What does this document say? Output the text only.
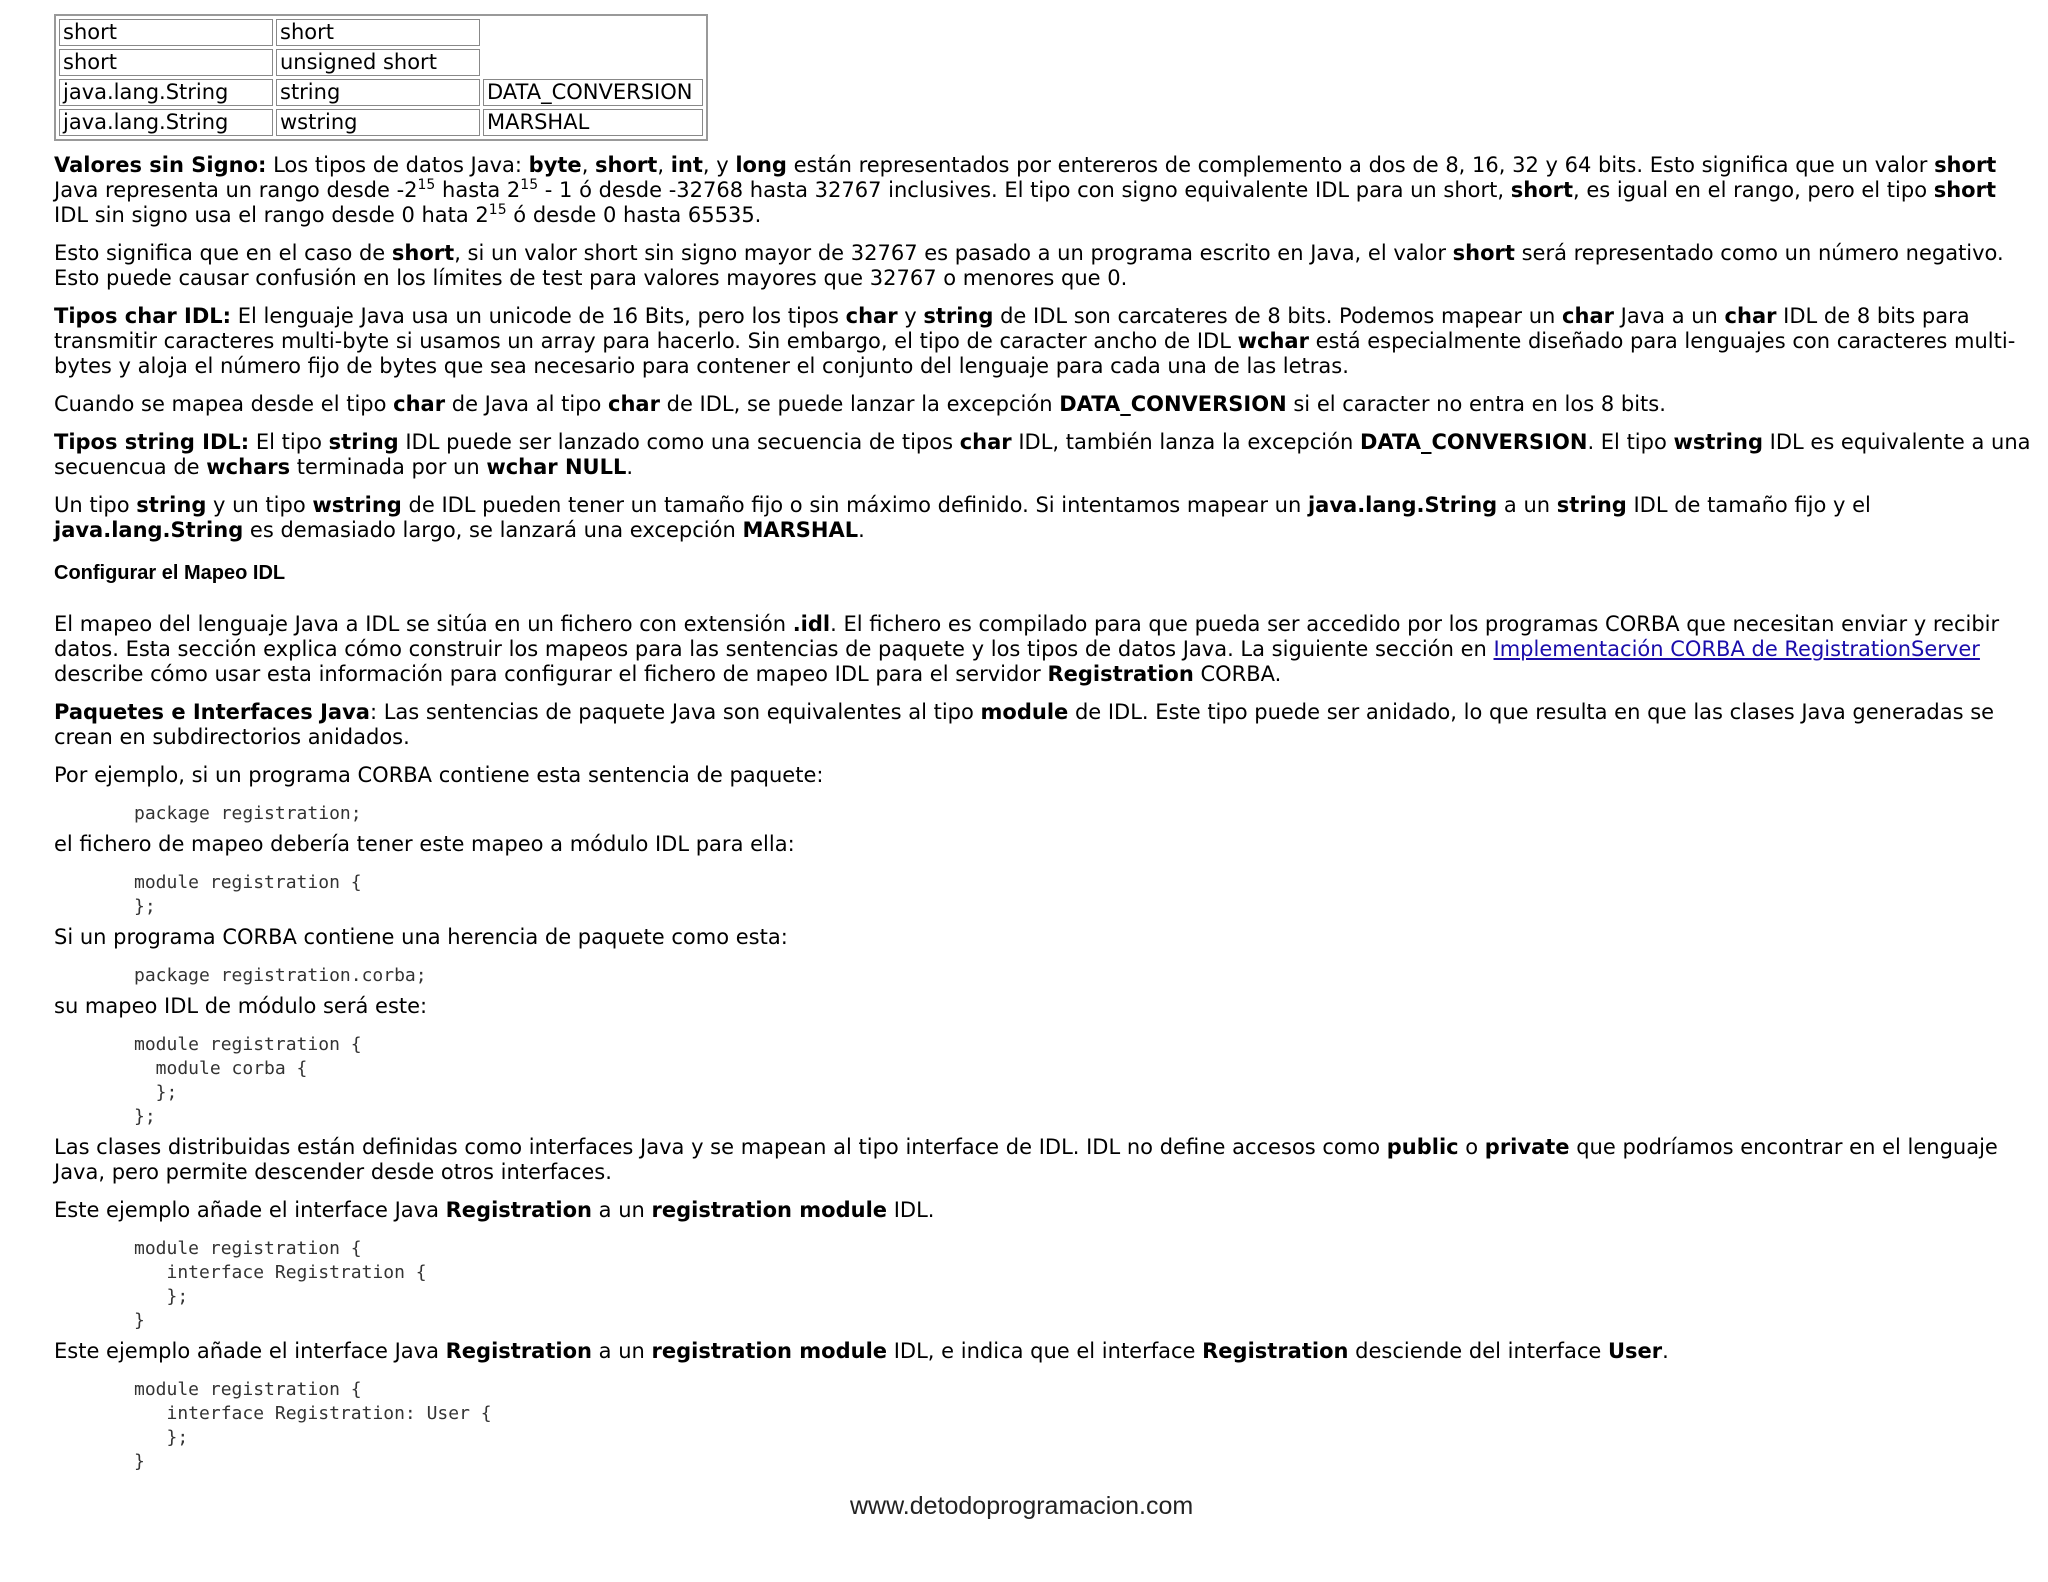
short	short	
short	unsigned short	
java.lang.String	string	DATA_CONVERSION
java.lang.String	wstring	MARSHAL

Valores sin Signo: Los tipos de datos Java: byte, short, int, y long están representados por entereros de complemento a dos de 8, 16, 32 y 64 bits. Esto significa que un valor short Java representa un rango desde $-2^{15}$ hasta $2^{15} - 1$ ó desde -32768 hasta 32767 inclusives. El tipo con signo equivalente IDL para un short, short, es igual en el rango, pero el tipo short IDL sin signo usa el rango desde 0 hata $2^{15}$ ó desde 0 hasta 65535.

Esto significa que en el caso de short, si un valor short sin signo mayor de 32767 es pasado a un programa escrito en Java, el valor short será representado como un número negativo. Esto puede causar confusión en los límites de test para valores mayores que 32767 o menores que 0.

Tipos char IDL: El lenguaje Java usa un unicode de 16 Bits, pero los tipos char y string de IDL son carcateres de 8 bits. Podemos mapear un char Java a un char IDL de 8 bits para transmitir caracteres multi-byte si usamos un array para hacerlo. Sin embargo, el tipo de caracter ancho de IDL wchar está especialmente diseñado para lenguajes con caracteres multi-bytes y aloja el número fijo de bytes que sea necesario para contener el conjunto del lenguaje para cada una de las letras.

Cuando se mapea desde el tipo char de Java al tipo char de IDL, se puede lanzar la excepción DATA_CONVERSION si el caracter no entra en los 8 bits.

Tipos string IDL: El tipo string IDL puede ser lanzado como una secuencia de tipos char IDL, también lanza la excepción DATA_CONVERSION. El tipo wstring IDL es equivalente a una secuencua de wchars terminada por un wchar NULL.

Un tipo string y un tipo wstring de IDL pueden tener un tamaño fijo o sin máximo definido. Si intentamos mapear un java.lang.String a un string IDL de tamaño fijo y el java.lang.String es demasiado largo, se lanzará una excepción MARSHAL.

Configurar el Mapeo IDL

El mapeo del lenguaje Java a IDL se sitúa en un fichero con extensión .idl. El fichero es compilado para que pueda ser accedido por los programas CORBA que necesitan enviar y recibir datos. Esta sección explica cómo construir los mapeos para las sentencias de paquete y los tipos de datos Java. La siguiente sección en Implementación CORBA de RegistrationServer describe cómo usar esta información para configurar el fichero de mapeo IDL para el servidor Registration CORBA.

Paquetes e Interfaces Java: Las sentencias de paquete Java son equivalentes al tipo module de IDL. Este tipo puede ser anidado, lo que resulta en que las clases Java generadas se crean en subdirectorios anidados.

Por ejemplo, si un programa CORBA contiene esta sentencia de paquete:

package registration;

el fichero de mapeo debería tener este mapeo a módulo IDL para ella:

module registration {
};

Si un programa CORBA contiene una herencia de paquete como esta:

package registration.corba;

su mapeo IDL de módulo será este:

module registration {
module corba {
};
};

Las clases distribuidas están definidas como interfaces Java y se mapean al tipo interface de IDL. IDL no define accesos como public o private que podríamos encontrar en el lenguaje Java, pero permite descender desde otros interfaces.

Este ejemplo añade el interface Java Registration a un registration module IDL.

module registration {
interface Registration {
};
}

Este ejemplo añade el interface Java Registration a un registration module IDL, e indica que el interface Registration desciende del interface User.

module registration {
interface Registration: User {
};
}
www.detodoprogramacion.com
